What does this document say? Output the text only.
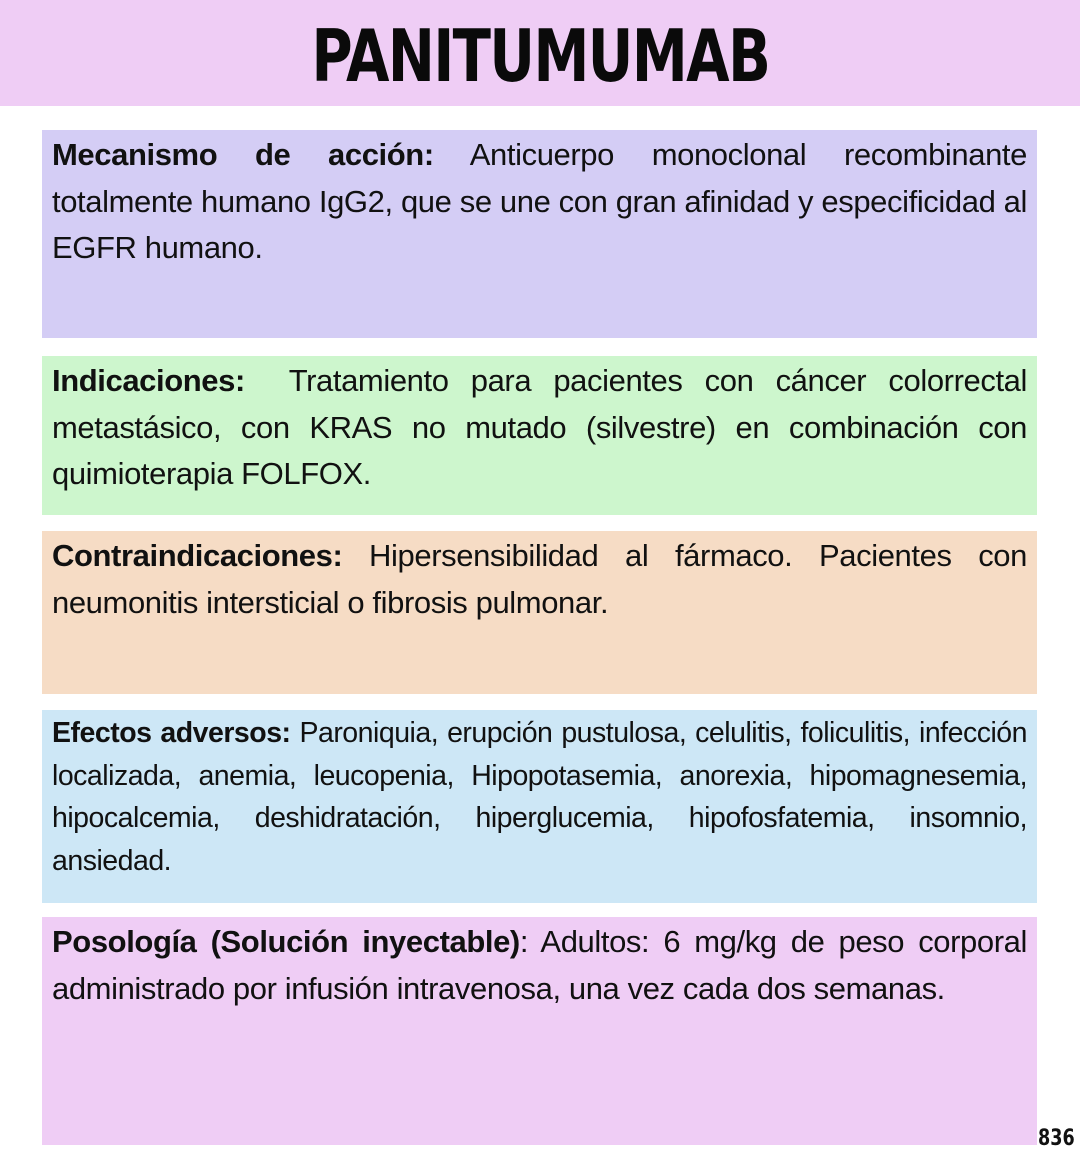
PANITUMUMAB
Mecanismo de acción: Anticuerpo monoclonal recombinante totalmente humano IgG2, que se une con gran afinidad y especificidad al EGFR humano.
Indicaciones:  Tratamiento para pacientes con cáncer colorrectal metastásico, con KRAS no mutado (silvestre) en combinación con quimioterapia FOLFOX.
Contraindicaciones: Hipersensibilidad al fármaco. Pacientes con neumonitis intersticial o fibrosis pulmonar.
Efectos adversos: Paroniquia, erupción pustulosa, celulitis, foliculitis, infección localizada, anemia, leucopenia, Hipopotasemia, anorexia, hipomagnesemia, hipocalcemia, deshidratación, hiperglucemia, hipofosfatemia, insomnio, ansiedad.
Posología (Solución inyectable): Adultos: 6 mg/kg de peso corporal administrado por infusión intravenosa, una vez cada dos semanas.
836
